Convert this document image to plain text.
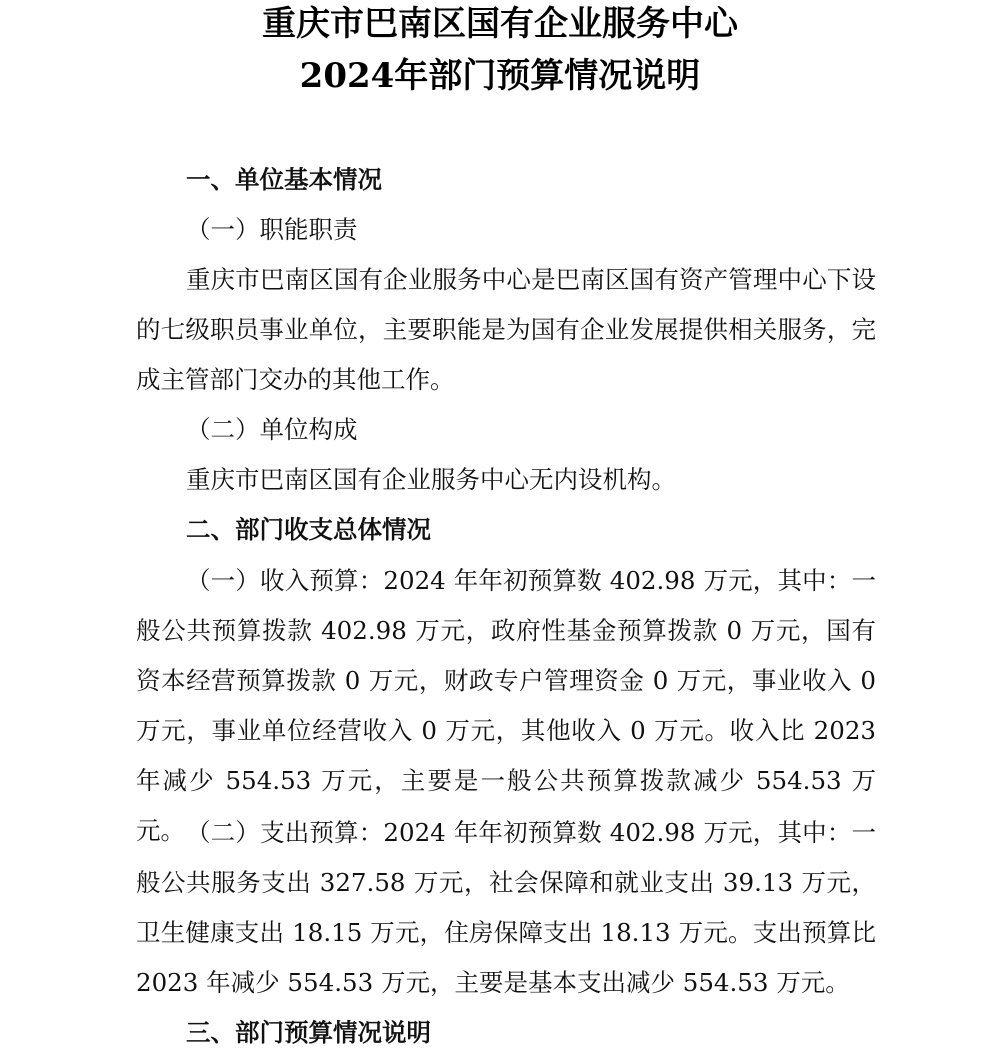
重庆市巴南区国有企业服务中心
2024年部门预算情况说明

一、单位基本情况

（一）职能职责

重庆市巴南区国有企业服务中心是巴南区国有资产管理中心下设的七级职员事业单位，主要职能是为国有企业发展提供相关服务，完成主管部门交办的其他工作。

（二）单位构成

重庆市巴南区国有企业服务中心无内设机构。

二、部门收支总体情况

（一）收入预算：2024 年年初预算数 402.98 万元，其中：一般公共预算拨款 402.98 万元，政府性基金预算拨款 0 万元，国有资本经营预算拨款 0 万元，财政专户管理资金 0 万元，事业收入 0 万元，事业单位经营收入 0 万元，其他收入 0 万元。收入比 2023 年减少 554.53 万元，主要是一般公共预算拨款减少 554.53 万元。 （二）支出预算：2024 年年初预算数 402.98 万元，其中：一般公共服务支出 327.58 万元，社会保障和就业支出 39.13 万元，卫生健康支出 18.15 万元，住房保障支出 18.13 万元。支出预算比 2023 年减少 554.53 万元，主要是基本支出减少 554.53 万元。

三、部门预算情况说明
